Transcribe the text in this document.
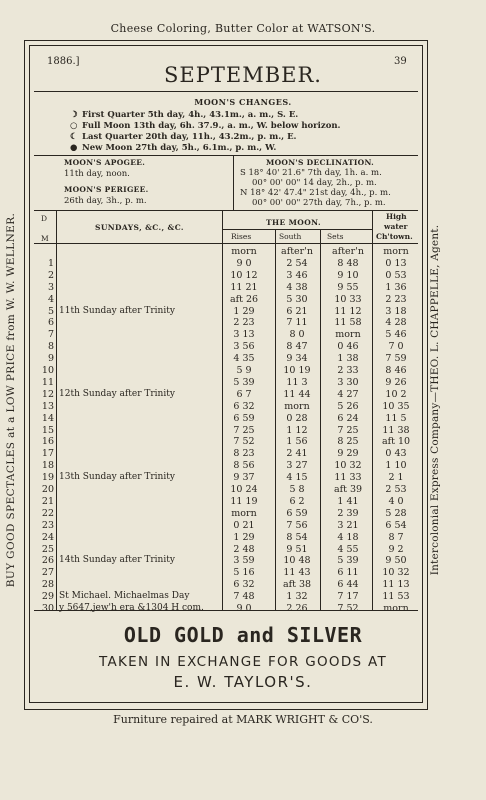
Cheese Coloring, Butter Color at WATSON'S.
BUY GOOD SPECTACLES at a LOW PRICE from W. W. WELLNER.	Intercolonial Express Company—THEO. L. CHAPPELLE, Agent.
1886.]	39
SEPTEMBER.
MOON'S CHANGES.
☽ First Quarter 5th day, 4h., 43.1m., a. m., S. E.
○ Full Moon 13th day, 6h. 37.9., a. m., W. below horizon.
☾ Last Quarter 20th day, 11h., 43.2m., p. m., E.
● New Moon 27th day, 5h., 6.1m., p. m., W.
MOON'S APOGEE.
11th day, noon.
MOON'S PERIGEE.
26th day, 3h., p. m.
MOON'S DECLINATION.
S 18° 40' 21.6" 7th day, 1h. a. m.
00° 00' 00" 14 day, 2h., p. m.
N 18° 42' 47.4" 21st day, 4h., p. m.
00° 00' 00" 27th day, 7h., p. m.
D
M
SUNDAYS, &C., &C.
THE MOON.
Rises	South	Sets
High
water
Ch'town.
morn	after'n	after'n	morn
1	9 0	2 54	8 48	0 13
2	10 12	3 46	9 10	0 53
3	11 21	4 38	9 55	1 36
4	aft 26	5 30	10 33	2 23
5 11th Sunday after Trinity	1 29	6 21	11 12	3 18
6	2 23	7 11	11 58	4 28
7	3 13	8 0	morn	5 46
8	3 56	8 47	0 46	7 0
9	4 35	9 34	1 38	7 59
10	5 9	10 19	2 33	8 46
11	5 39	11 3	3 30	9 26
12 12th Sunday after Trinity	6 7	11 44	4 27	10 2
13	6 32	morn	5 26	10 35
14	6 59	0 28	6 24	11 5
15	7 25	1 12	7 25	11 38
16	7 52	1 56	8 25	aft 10
17	8 23	2 41	9 29	0 43
18	8 56	3 27	10 32	1 10
19 13th Sunday after Trinity	9 37	4 15	11 33	2 1
20	10 24	5 8	aft 39	2 53
21	11 19	6 2	1 41	4 0
22	morn	6 59	2 39	5 28
23	0 21	7 56	3 21	6 54
24	1 29	8 54	4 18	8 7
25	2 48	9 51	4 55	9 2
26 14th Sunday after Trinity	3 59	10 48	5 39	9 50
27	5 16	11 43	6 11	10 32
28	6 32	aft 38	6 44	11 13
29 St Michael. Michaelmas Day	7 48	1 32	7 17	11 53
30 y 5647,jew'h era &1304 H com.	9 0	2 26	7 52	morn
OLD GOLD and SILVER
TAKEN IN EXCHANGE FOR GOODS AT
E. W. TAYLOR'S.
Furniture repaired at MARK WRIGHT & CO'S.
